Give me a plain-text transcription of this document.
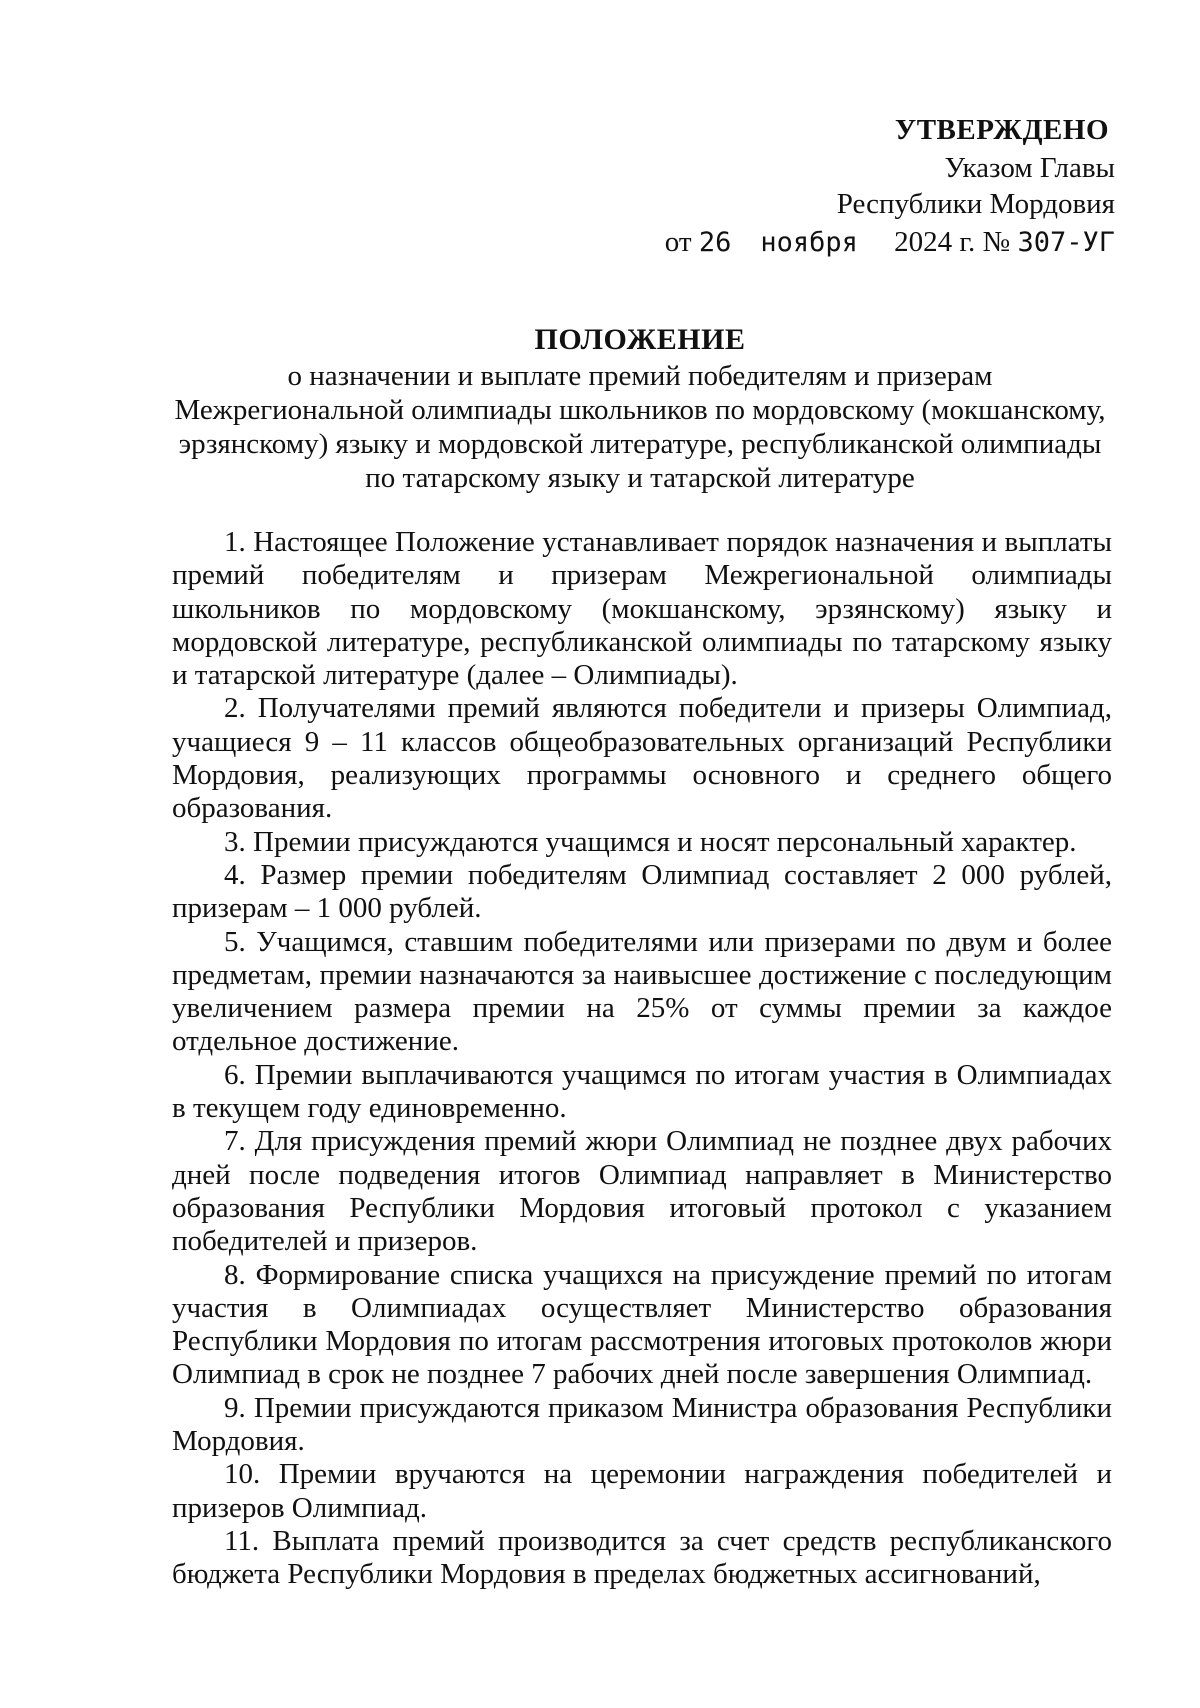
УТВЕРЖДЕНО
Указом Главы
Республики Мордовия
от 26 ноября 2024 г. № 307-УГ
ПОЛОЖЕНИЕ
о назначении и выплате премий победителям и призерам Межрегиональной олимпиады школьников по мордовскому (мокшанскому, эрзянскому) языку и мордовской литературе, республиканской олимпиады по татарскому языку и татарской литературе

1. Настоящее Положение устанавливает порядок назначения и выплаты премий победителям и призерам Межрегиональной олимпиады школьников по мордовскому (мокшанскому, эрзянскому) языку и мордовской литературе, республиканской олимпиады по татарскому языку и татарской литературе (далее – Олимпиады).

2. Получателями премий являются победители и призеры Олимпиад, учащиеся 9 – 11 классов общеобразовательных организаций Республики Мордовия, реализующих программы основного и среднего общего образования.

3. Премии присуждаются учащимся и носят персональный характер.

4. Размер премии победителям Олимпиад составляет 2 000 рублей, призерам – 1 000 рублей.

5. Учащимся, ставшим победителями или призерами по двум и более предметам, премии назначаются за наивысшее достижение с последующим увеличением размера премии на 25% от суммы премии за каждое отдельное достижение.

6. Премии выплачиваются учащимся по итогам участия в Олимпиадах в текущем году единовременно.

7. Для присуждения премий жюри Олимпиад не позднее двух рабочих дней после подведения итогов Олимпиад направляет в Министерство образования Республики Мордовия итоговый протокол с указанием победителей и призеров.

8. Формирование списка учащихся на присуждение премий по итогам участия в Олимпиадах осуществляет Министерство образования Республики Мордовия по итогам рассмотрения итоговых протоколов жюри Олимпиад в срок не позднее 7 рабочих дней после завершения Олимпиад.

9. Премии присуждаются приказом Министра образования Республики Мордовия.

10. Премии вручаются на церемонии награждения победителей и призеров Олимпиад.

11. Выплата премий производится за счет средств республиканского бюджета Республики Мордовия в пределах бюджетных ассигнований,
